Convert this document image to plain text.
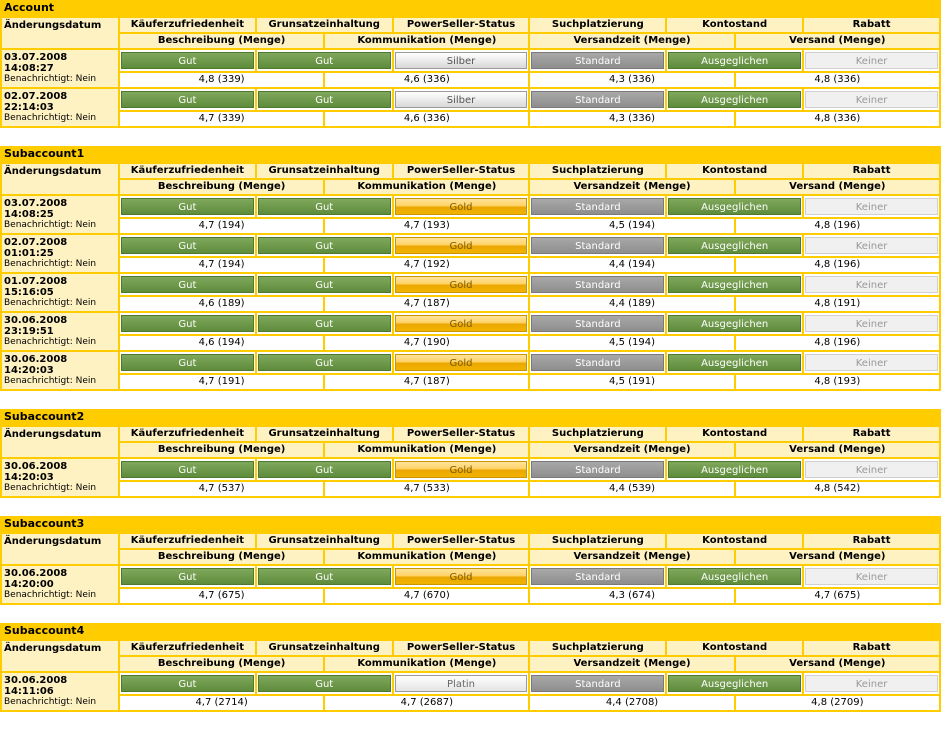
Account
Änderungsdatum	Käuferzufriedenheit	Grunsatzeinhaltung		PowerSeller-Status	Suchplatzierung	Kontostand		Rabatt
	Beschreibung (Menge)		Kommunikation (Menge)		Versandzeit (Menge)		Versand (Menge)	

03.07.2008 14:08:27
Benachrichtigt: Nein	Gut	Gut		Silber	Standard	Ausgeglichen		Keiner

	4,8 (339)		4,6 (336)		4,3 (336)		4,8 (336)	

02.07.2008 22:14:03
Benachrichtigt: Nein	Gut	Gut		Silber	Standard	Ausgeglichen		Keiner

	4,7 (339)		4,6 (336)		4,3 (336)		4,8 (336)	
Subaccount1
Änderungsdatum	Käuferzufriedenheit	Grunsatzeinhaltung		PowerSeller-Status	Suchplatzierung	Kontostand		Rabatt
	Beschreibung (Menge)		Kommunikation (Menge)		Versandzeit (Menge)		Versand (Menge)	

03.07.2008 14:08:25
Benachrichtigt: Nein	Gut	Gut		Gold	Standard	Ausgeglichen		Keiner

	4,7 (194)		4,7 (193)		4,5 (194)		4,8 (196)	

02.07.2008 01:01:25
Benachrichtigt: Nein	Gut	Gut		Gold	Standard	Ausgeglichen		Keiner

	4,7 (194)		4,7 (192)		4,4 (194)		4,8 (196)	

01.07.2008 15:16:05
Benachrichtigt: Nein	Gut	Gut		Gold	Standard	Ausgeglichen		Keiner

	4,6 (189)		4,7 (187)		4,4 (189)		4,8 (191)	

30.06.2008 23:19:51
Benachrichtigt: Nein	Gut	Gut		Gold	Standard	Ausgeglichen		Keiner

	4,6 (194)		4,7 (190)		4,5 (194)		4,8 (196)	

30.06.2008 14:20:03
Benachrichtigt: Nein	Gut	Gut		Gold	Standard	Ausgeglichen		Keiner

	4,7 (191)		4,7 (187)		4,5 (191)		4,8 (193)	
Subaccount2
Änderungsdatum	Käuferzufriedenheit	Grunsatzeinhaltung		PowerSeller-Status	Suchplatzierung	Kontostand		Rabatt
	Beschreibung (Menge)		Kommunikation (Menge)		Versandzeit (Menge)		Versand (Menge)	

30.06.2008 14:20:03
Benachrichtigt: Nein	Gut	Gut		Gold	Standard	Ausgeglichen		Keiner

	4,7 (537)		4,7 (533)		4,4 (539)		4,8 (542)	
Subaccount3
Änderungsdatum	Käuferzufriedenheit	Grunsatzeinhaltung		PowerSeller-Status	Suchplatzierung	Kontostand		Rabatt
	Beschreibung (Menge)		Kommunikation (Menge)		Versandzeit (Menge)		Versand (Menge)	

30.06.2008 14:20:00
Benachrichtigt: Nein	Gut	Gut		Gold	Standard	Ausgeglichen		Keiner

	4,7 (675)		4,7 (670)		4,3 (674)		4,7 (675)	
Subaccount4
Änderungsdatum	Käuferzufriedenheit	Grunsatzeinhaltung		PowerSeller-Status	Suchplatzierung	Kontostand		Rabatt
	Beschreibung (Menge)		Kommunikation (Menge)		Versandzeit (Menge)		Versand (Menge)	

30.06.2008 14:11:06
Benachrichtigt: Nein	Gut	Gut		Platin	Standard	Ausgeglichen		Keiner

	4,7 (2714)		4,7 (2687)		4,4 (2708)		4,8 (2709)	
